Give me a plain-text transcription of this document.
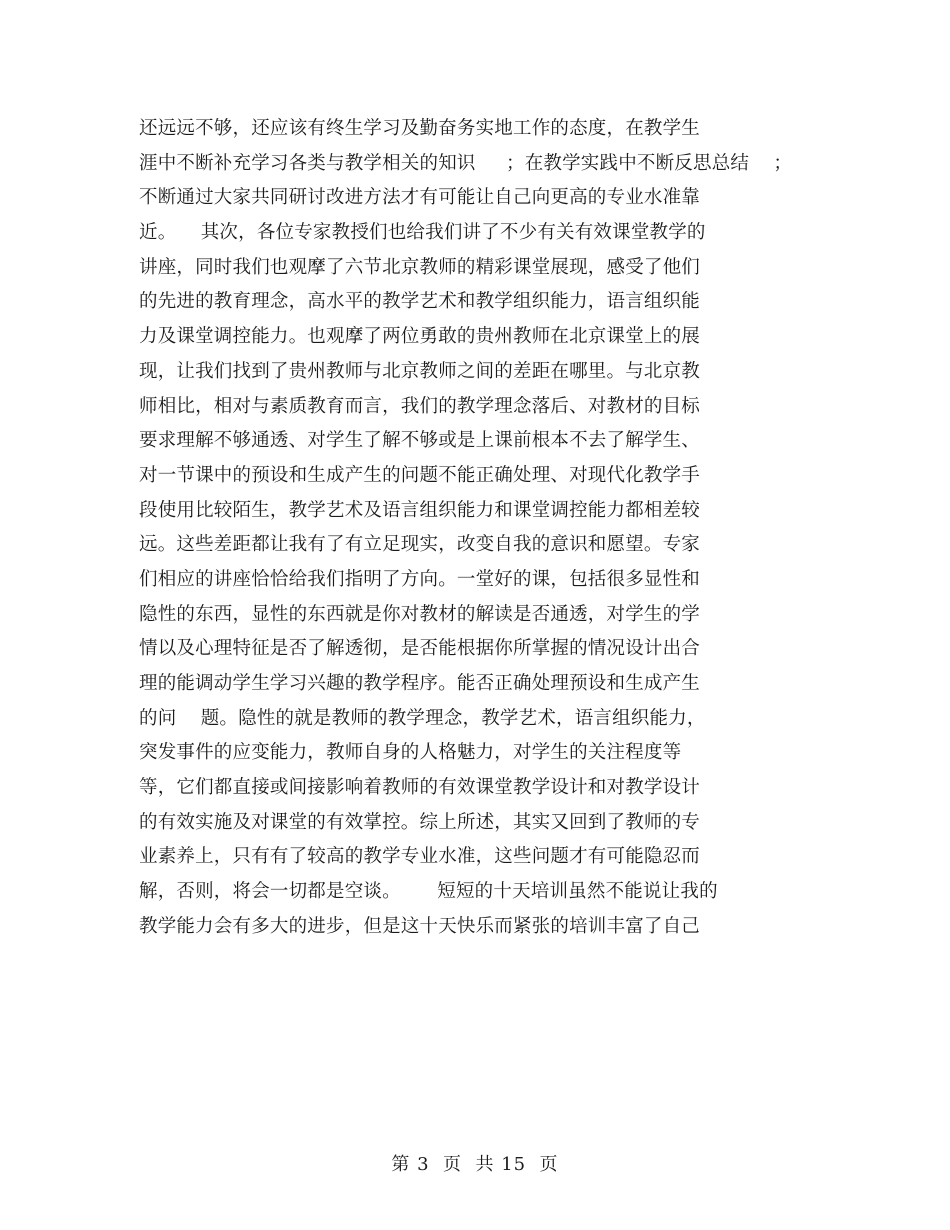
还远远不够，还应该有终生学习及勤奋务实地工作的态度，在教学生
涯中不断补充学习各类与教学相关的知识     ；在教学实践中不断反思总结    ；
不断通过大家共同研讨改进方法才有可能让自己向更高的专业水准靠
近。    其次，各位专家教授们也给我们讲了不少有关有效课堂教学的
讲座，同时我们也观摩了六节北京教师的精彩课堂展现，感受了他们
的先进的教育理念，高水平的教学艺术和教学组织能力，语言组织能
力及课堂调控能力。也观摩了两位勇敢的贵州教师在北京课堂上的展
现，让我们找到了贵州教师与北京教师之间的差距在哪里。与北京教
师相比，相对与素质教育而言，我们的教学理念落后、对教材的目标
要求理解不够通透、对学生了解不够或是上课前根本不去了解学生、
对一节课中的预设和生成产生的问题不能正确处理、对现代化教学手
段使用比较陌生，教学艺术及语言组织能力和课堂调控能力都相差较
远。这些差距都让我有了有立足现实，改变自我的意识和愿望。专家
们相应的讲座恰恰给我们指明了方向。一堂好的课，包括很多显性和
隐性的东西，显性的东西就是你对教材的解读是否通透，对学生的学
情以及心理特征是否了解透彻，是否能根据你所掌握的情况设计出合
理的能调动学生学习兴趣的教学程序。能否正确处理预设和生成产生
的问    题。隐性的就是教师的教学理念，教学艺术，语言组织能力，
突发事件的应变能力，教师自身的人格魅力，对学生的关注程度等
等，它们都直接或间接影响着教师的有效课堂教学设计和对教学设计
的有效实施及对课堂的有效掌控。综上所述，其实又回到了教师的专
业素养上，只有有了较高的教学专业水准，这些问题才有可能隐忍而
解，否则，将会一切都是空谈。      短短的十天培训虽然不能说让我的
教学能力会有多大的进步，但是这十天快乐而紧张的培训丰富了自己
第 3  页  共 15  页
